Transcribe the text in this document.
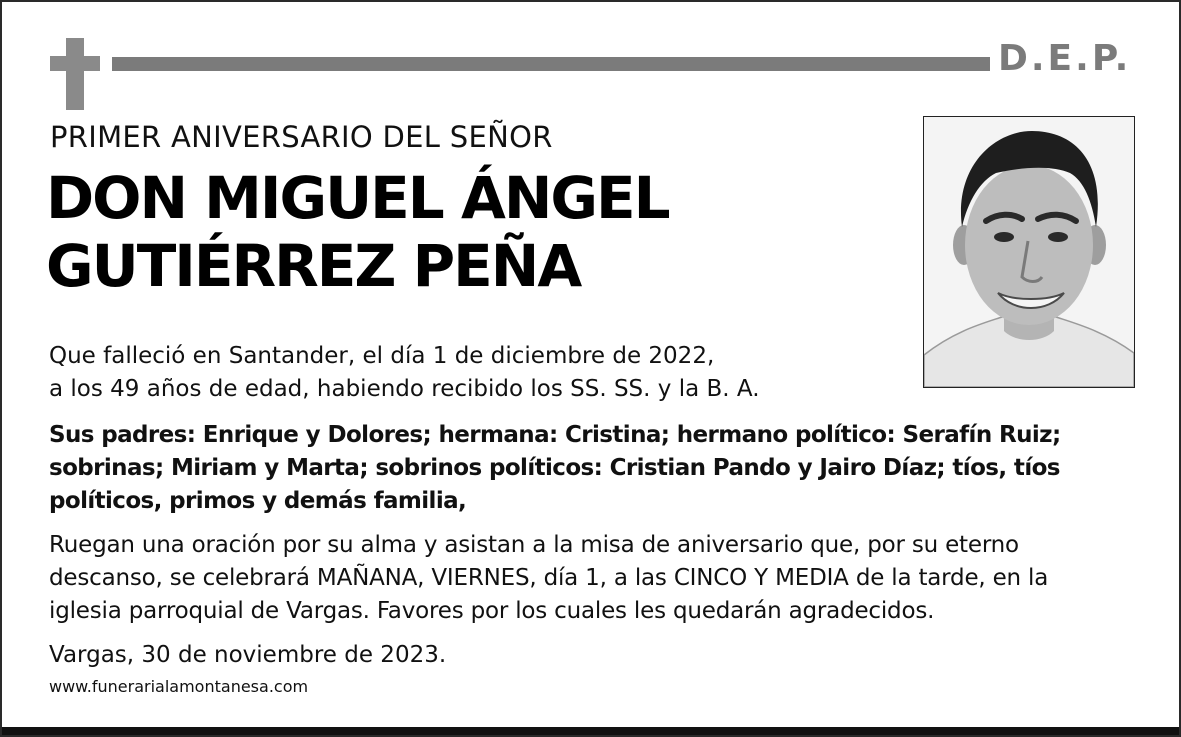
D.E.P.
PRIMER ANIVERSARIO DEL SEÑOR
DON MIGUEL ÁNGEL
GUTIÉRREZ PEÑA
Que falleció en Santander, el día 1 de diciembre de 2022,
a los 49 años de edad, habiendo recibido los SS. SS. y la B. A.
Sus padres: Enrique y Dolores; hermana: Cristina; hermano político: Serafín Ruiz;
sobrinas; Miriam y Marta; sobrinos políticos: Cristian Pando y Jairo Díaz; tíos, tíos
políticos, primos y demás familia,
Ruegan una oración por su alma y asistan a la misa de aniversario que, por su eterno
descanso, se celebrará MAÑANA, VIERNES, día 1, a las CINCO Y MEDIA de la tarde, en la
iglesia parroquial de Vargas. Favores por los cuales les quedarán agradecidos.
Vargas, 30 de noviembre de 2023.
www.funerarialamontanesa.com
